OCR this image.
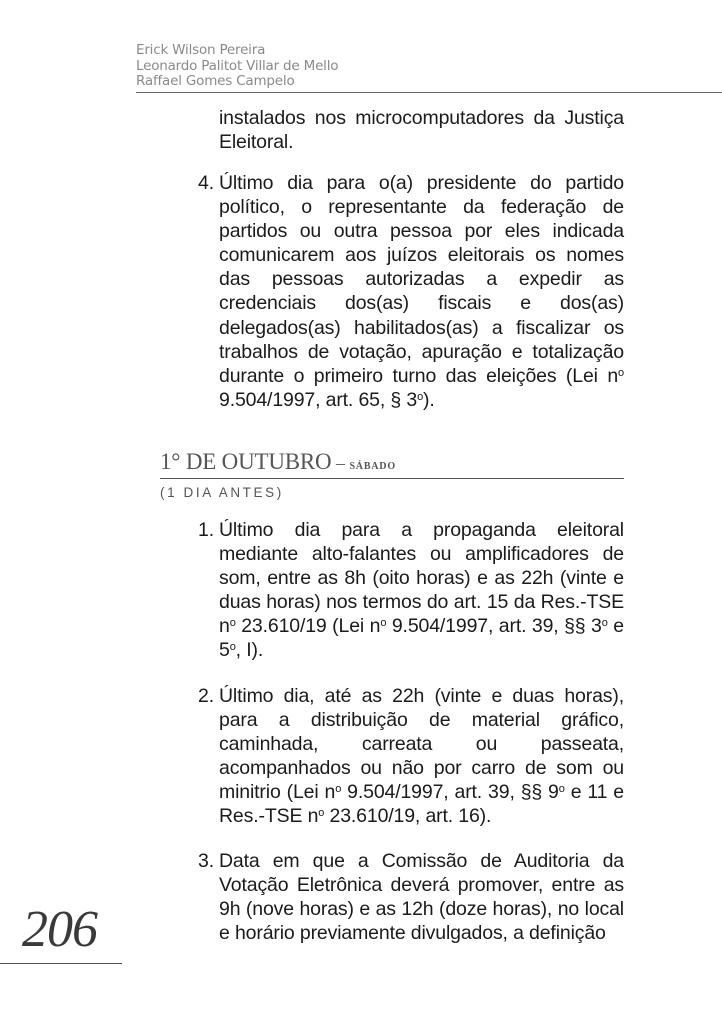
Erick Wilson Pereira
Leonardo Palitot Villar de Mello
Raffael Gomes Campelo
instalados nos microcomputadores da Justiça Eleitoral.
4. Último dia para o(a) presidente do partido político, o representante da federação de partidos ou outra pessoa por eles indicada comunicarem aos juízos eleitorais os nomes das pessoas autorizadas a expedir as credenciais dos(as) fiscais e dos(as) delegados(as) habilitados(as) a fiscalizar os trabalhos de votação, apuração e totalização durante o primeiro turno das eleições (Lei $n^o$ 9.504/1997, art. 65, § 3$^o$).
1° DE OUTUBRO – sábado
(1 DIA ANTES)
1. Último dia para a propaganda eleitoral mediante alto-falantes ou amplificadores de som, entre as 8h (oito horas) e as 22h (vinte e duas horas) nos termos do art. 15 da Res.-TSE $n^o$ 23.610/19 (Lei $n^o$ 9.504/1997, art. 39, §§ 3$^o$ e 5$^o$, I).
2. Último dia, até as 22h (vinte e duas horas), para a distribuição de material gráfico, caminhada, carreata ou passeata, acompanhados ou não por carro de som ou minitrio (Lei $n^o$ 9.504/1997, art. 39, §§ 9$^o$ e 11 e Res.-TSE $n^o$ 23.610/19, art. 16).
3. Data em que a Comissão de Auditoria da Votação Eletrônica deverá promover, entre as 9h (nove horas) e as 12h (doze horas), no local e horário previamente divulgados, a definição
206
